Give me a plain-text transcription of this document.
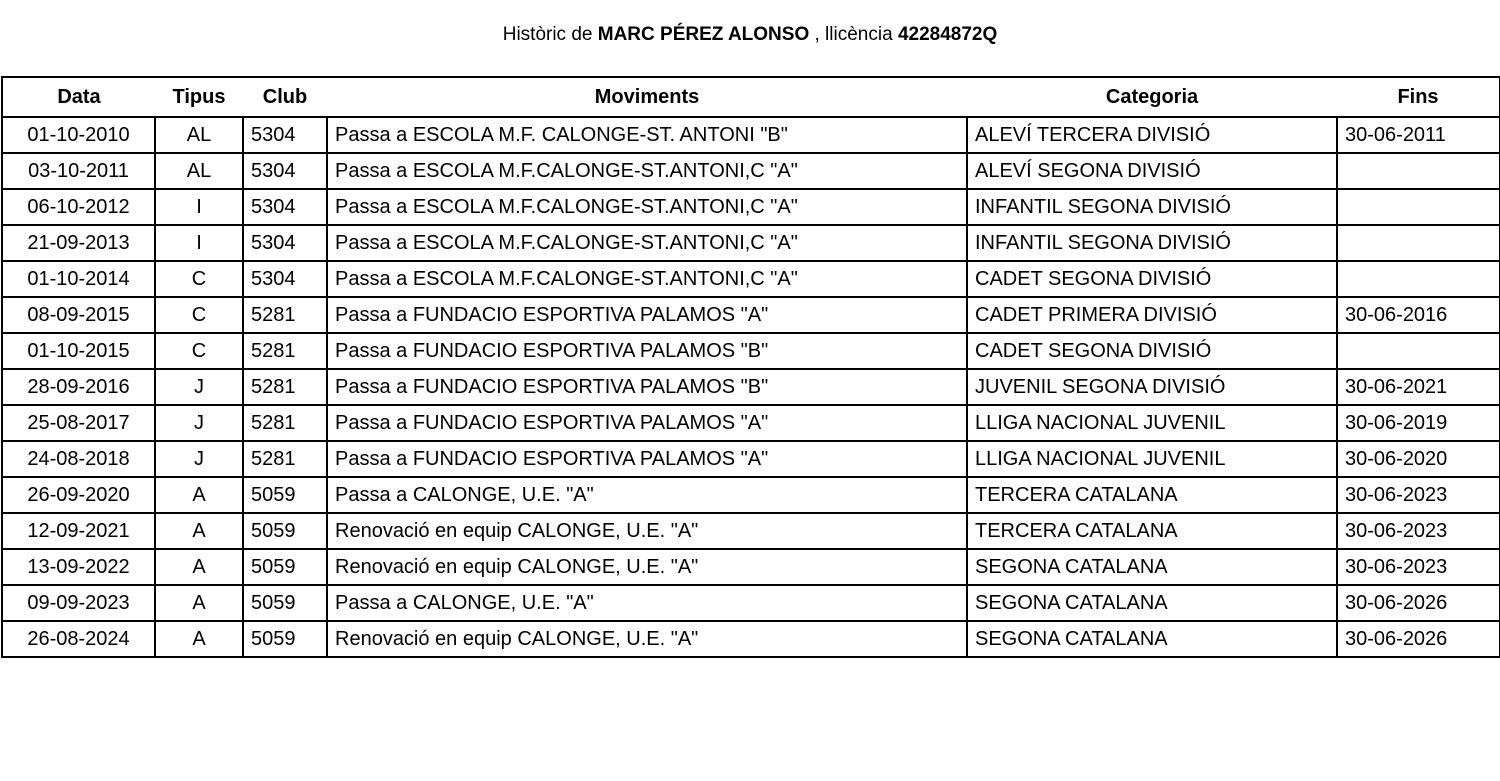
Històric de MARC PÉREZ ALONSO , llicència 42284872Q
Data	Tipus	Club	Moviments	Categoria	Fins
01-10-2010	AL	5304	Passa a ESCOLA M.F. CALONGE-ST. ANTONI "B"	ALEVÍ TERCERA DIVISIÓ	30-06-2011
03-10-2011	AL	5304	Passa a ESCOLA M.F.CALONGE-ST.ANTONI,C "A"	ALEVÍ SEGONA DIVISIÓ	
06-10-2012	I	5304	Passa a ESCOLA M.F.CALONGE-ST.ANTONI,C "A"	INFANTIL SEGONA DIVISIÓ	
21-09-2013	I	5304	Passa a ESCOLA M.F.CALONGE-ST.ANTONI,C "A"	INFANTIL SEGONA DIVISIÓ	
01-10-2014	C	5304	Passa a ESCOLA M.F.CALONGE-ST.ANTONI,C "A"	CADET SEGONA DIVISIÓ	
08-09-2015	C	5281	Passa a FUNDACIO ESPORTIVA PALAMOS "A"	CADET PRIMERA DIVISIÓ	30-06-2016
01-10-2015	C	5281	Passa a FUNDACIO ESPORTIVA PALAMOS "B"	CADET SEGONA DIVISIÓ	
28-09-2016	J	5281	Passa a FUNDACIO ESPORTIVA PALAMOS "B"	JUVENIL SEGONA DIVISIÓ	30-06-2021
25-08-2017	J	5281	Passa a FUNDACIO ESPORTIVA PALAMOS "A"	LLIGA NACIONAL JUVENIL	30-06-2019
24-08-2018	J	5281	Passa a FUNDACIO ESPORTIVA PALAMOS "A"	LLIGA NACIONAL JUVENIL	30-06-2020
26-09-2020	A	5059	Passa a CALONGE, U.E. "A"	TERCERA CATALANA	30-06-2023
12-09-2021	A	5059	Renovació en equip CALONGE, U.E. "A"	TERCERA CATALANA	30-06-2023
13-09-2022	A	5059	Renovació en equip CALONGE, U.E. "A"	SEGONA CATALANA	30-06-2023
09-09-2023	A	5059	Passa a CALONGE, U.E. "A"	SEGONA CATALANA	30-06-2026
26-08-2024	A	5059	Renovació en equip CALONGE, U.E. "A"	SEGONA CATALANA	30-06-2026
